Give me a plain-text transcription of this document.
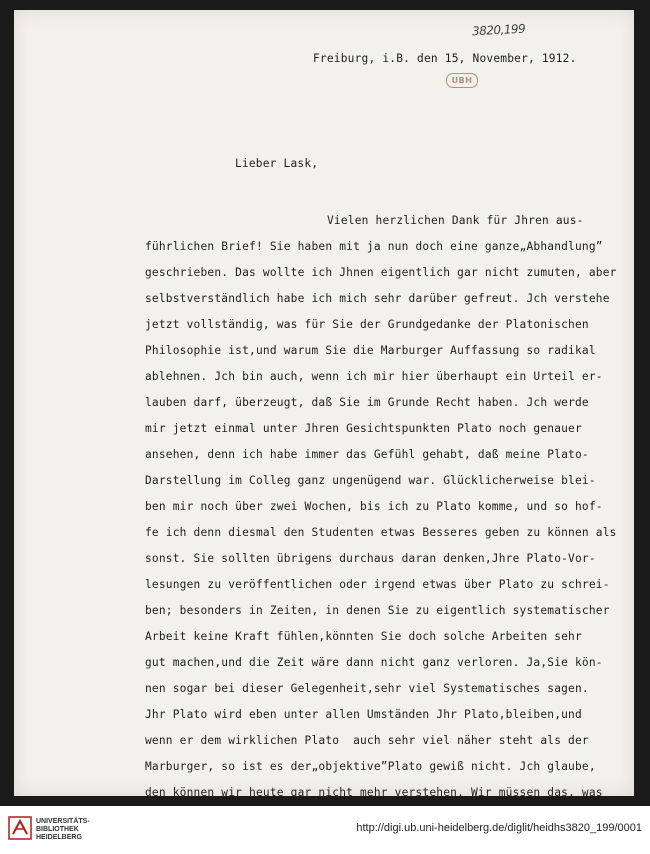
3820,199
UBH
Freiburg, i.B. den 15, November, 1912.
Lieber Lask,
Vielen herzlichen Dank für Jhren aus-
führlichen Brief! Sie haben mit ja nun doch eine ganze„Abhandlung”
geschrieben. Das wollte ich Jhnen eigentlich gar nicht zumuten, aber
selbstverständlich habe ich mich sehr darüber gefreut. Jch verstehe
jetzt vollständig, was für Sie der Grundgedanke der Platonischen
Philosophie ist,und warum Sie die Marburger Auffassung so radikal
ablehnen. Jch bin auch, wenn ich mir hier überhaupt ein Urteil er-
lauben darf, überzeugt, daß Sie im Grunde Recht haben. Jch werde
mir jetzt einmal unter Jhren Gesichtspunkten Plato noch genauer
ansehen, denn ich habe immer das Gefühl gehabt, daß meine Plato-
Darstellung im Colleg ganz ungenügend war. Glücklicherweise blei-
ben mir noch über zwei Wochen, bis ich zu Plato komme, und so hof-
fe ich denn diesmal den Studenten etwas Besseres geben zu können als
sonst. Sie sollten übrigens durchaus daran denken,Jhre Plato-Vor-
lesungen zu veröffentlichen oder irgend etwas über Plato zu schrei-
ben; besonders in Zeiten, in denen Sie zu eigentlich systematischer
Arbeit keine Kraft fühlen,könnten Sie doch solche Arbeiten sehr
gut machen,und die Zeit wäre dann nicht ganz verloren. Ja,Sie kön-
nen sogar bei dieser Gelegenheit,sehr viel Systematisches sagen.
Jhr Plato wird eben unter allen Umständen Jhr Plato,bleiben,und
wenn er dem wirklichen Plato  auch sehr viel näher steht als der
Marburger, so ist es der„objektive”Plato gewiß nicht. Jch glaube,
den können wir heute gar nicht mehr verstehen. Wir müssen das, was
UNIVERSITÄTS-
BIBLIOTHEK
HEIDELBERG
http://digi.ub.uni-heidelberg.de/diglit/heidhs3820_199/0001
